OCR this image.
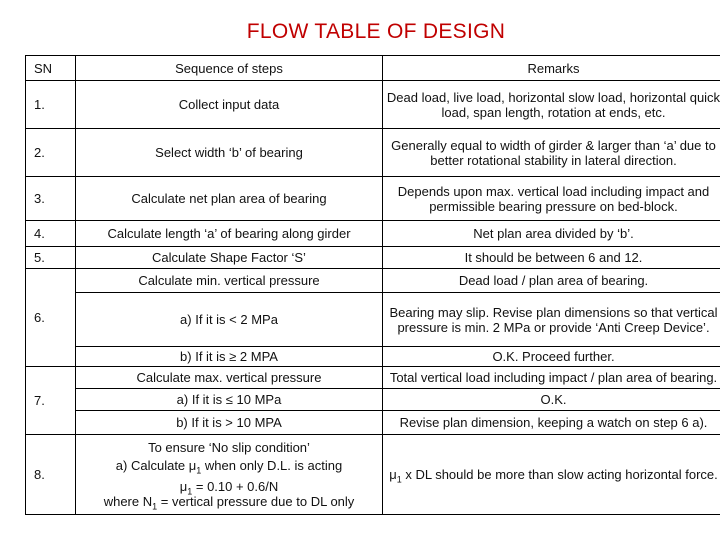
FLOW TABLE OF DESIGN
SN	Sequence of steps	Remarks
1.	Collect input data	Dead load, live load, horizontal slow load, horizontal quick load, span length, rotation at ends, etc.
2.	Select width ‘b’ of bearing	Generally equal to width of girder & larger than ‘a’ due to better rotational stability in lateral direction.
3.	Calculate net plan area of bearing	Depends upon max. vertical load including impact and permissible bearing pressure on bed-block.
4.	Calculate length ‘a’ of bearing along girder	Net plan area divided by ‘b’.
5.	Calculate Shape Factor ‘S’	It should be between 6 and 12.
6.	Calculate min. vertical pressure	Dead load / plan area of bearing.
	a) If it is < 2 MPa	Bearing may slip. Revise plan dimensions so that vertical pressure is min. 2 MPa or provide ‘Anti Creep Device’.
	b) If it is ≥ 2 MPA	O.K. Proceed further.
7.	Calculate max. vertical pressure	Total vertical load including impact / plan area of bearing.
	a) If it is ≤ 10 MPa	O.K.
	b) If it is > 10 MPA	Revise plan dimension, keeping a watch on step 6 a).
8.	To ensure ‘No slip condition’
a) Calculate $\mu_1$ when only D.L. is acting
$\mu_1 = 0.10 + 0.6/N$
where $N_1$ = vertical pressure due to DL only	$\mu_1$ x DL should be more than slow acting horizontal force.
